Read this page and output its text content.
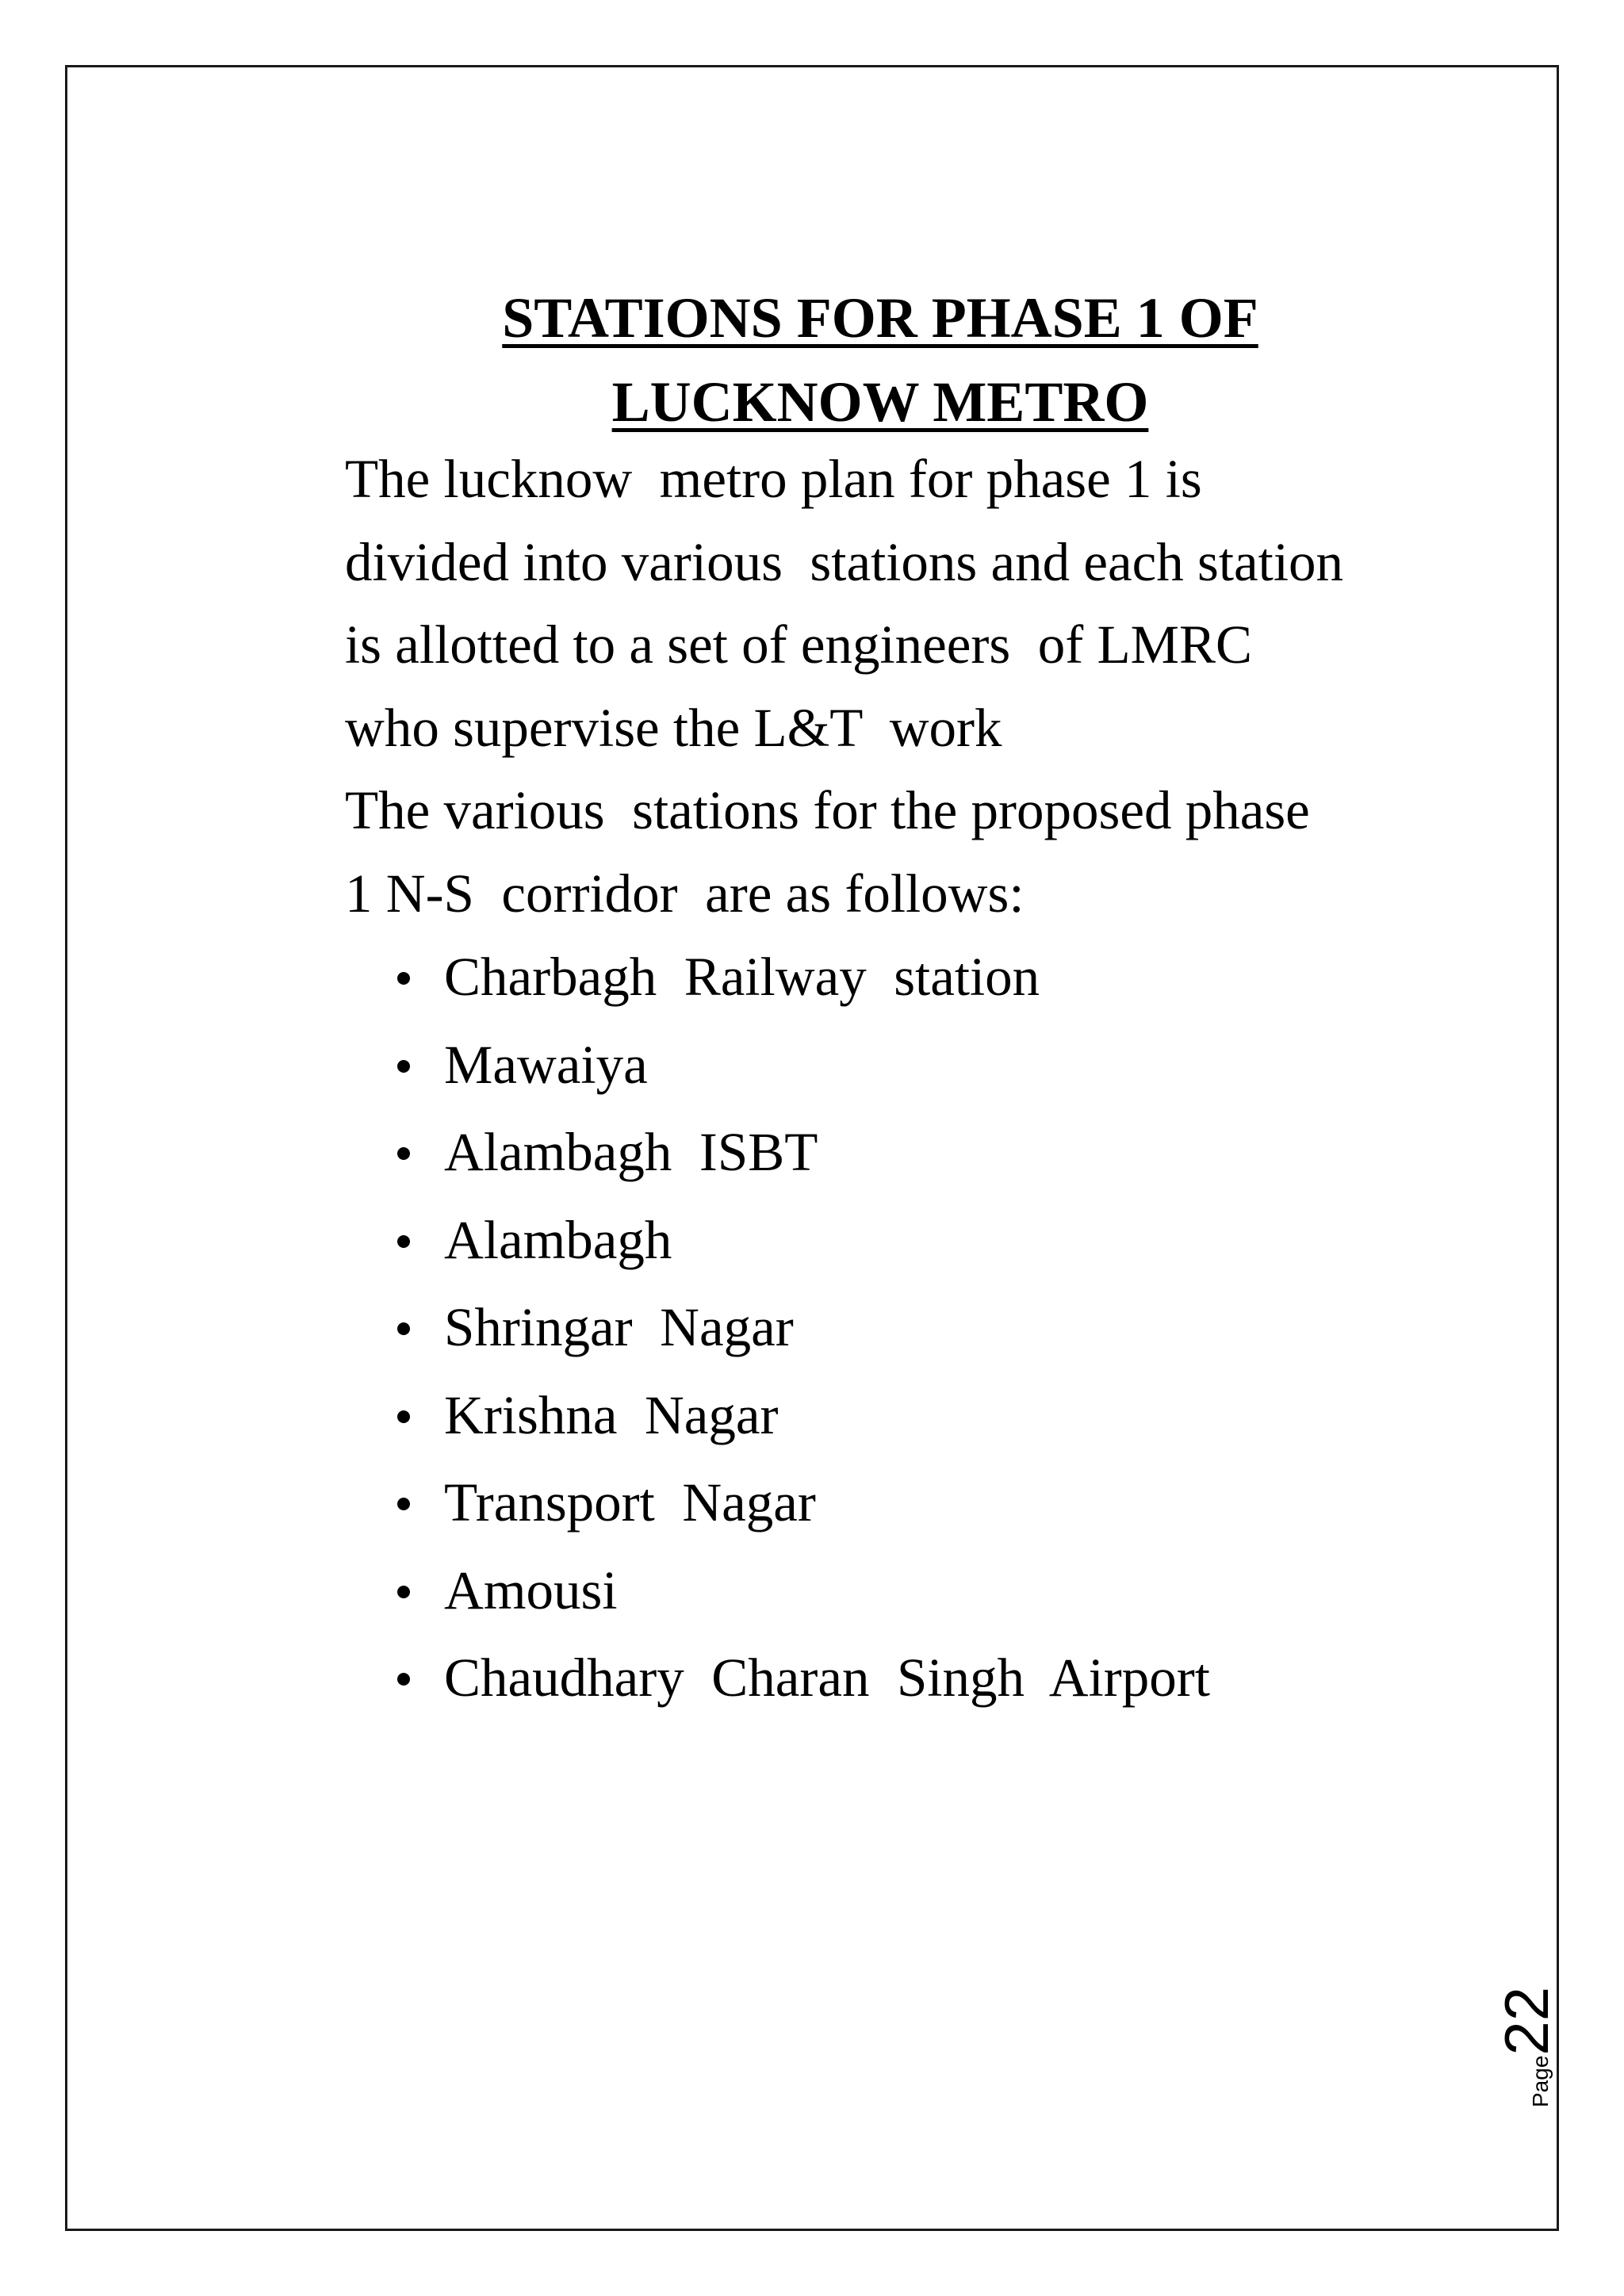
STATIONS FOR PHASE 1 OF
LUCKNOW METRO

The lucknow  metro plan for phase 1 is

divided into various  stations and each station

is allotted to a set of engineers  of LMRC

who supervise the L&T  work

The various  stations for the proposed phase

1 N-S  corridor  are as follows:

Charbagh  Railway  station
Mawaiya
Alambagh  ISBT
Alambagh
Shringar  Nagar
Krishna  Nagar
Transport  Nagar
Amousi
Chaudhary  Charan  Singh  Airport
Page22
